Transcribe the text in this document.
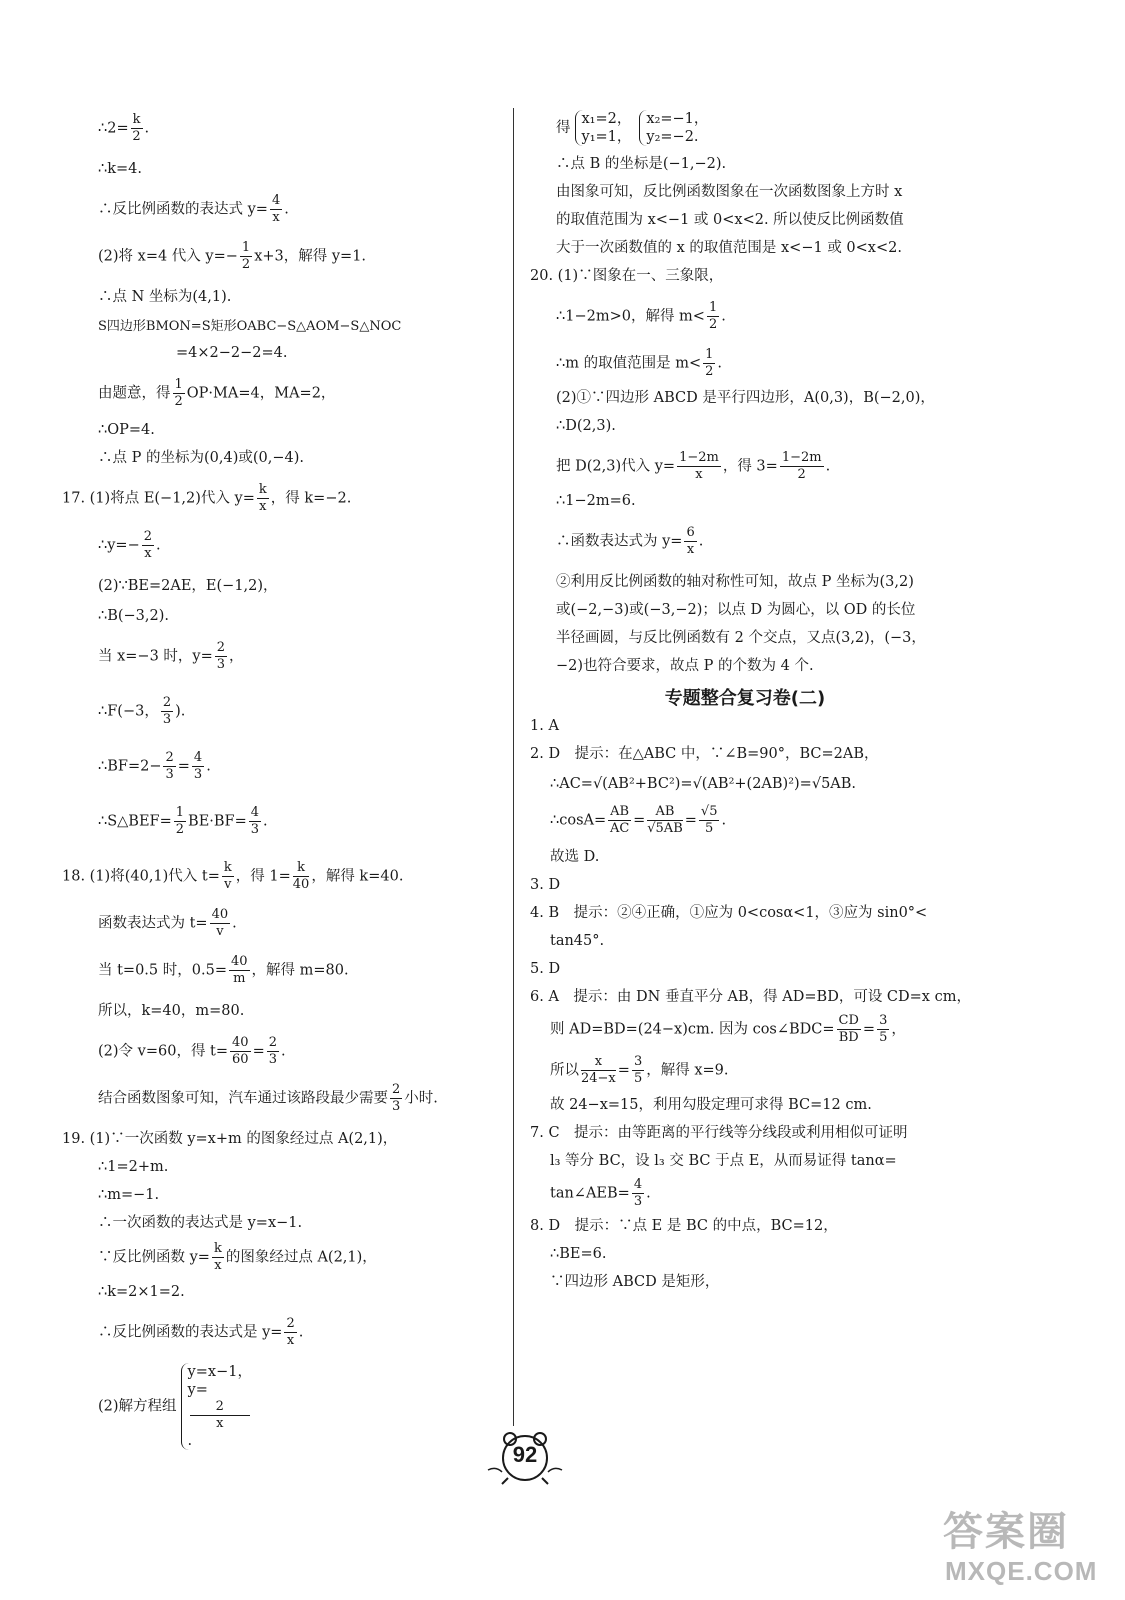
∴2= $\frac{k}{2}$ .
∴k=4.
∴反比例函数的表达式 $y= \frac{4}{x}$ .
(2)将 x=4 代入 $y=- \frac{1}{2} x+3$，解得 y=1.
∴点 N 坐标为(4,1).
S四边形BMON=S矩形OABC−S△AOM−S△NOC
=4×2−2−2=4.
由题意，得 $\frac{1}{2} OP\cdot MA=4$，MA=2，
∴OP=4.
∴点 P 的坐标为(0,4)或(0,−4).
17. (1)将点 E(−1,2)代入 $y= \frac{k}{x}$ ，得 k=−2.
∴y=− $\frac{2}{x}$ .
(2)∵BE=2AE，E(−1,2)，
∴B(−3,2).
当 x=−3 时，$y= \frac{2}{3}$ ，
∴F(−3， $\frac{2}{3}$ ).
∴BF=2− $\frac{2}{3} = \frac{4}{3}$ .
∴S△BEF= $\frac{1}{2} BE\cdot BF= \frac{4}{3}$ .
18. (1)将(40,1)代入 $t= \frac{k}{v}$ ，得 $1= \frac{k}{40}$ ，解得 k=40.
函数表达式为 $t= \frac{40}{v}$ .
当 t=0.5 时，$0.5= \frac{40}{m}$ ，解得 m=80.
所以，k=40，m=80.
(2)令 v=60，得 $t= \frac{40}{60} = \frac{2}{3}$ .
结合函数图象可知，汽车通过该路段最少需要 $\frac{2}{3}$ 小时.
19. (1)∵一次函数 y=x+m 的图象经过点 A(2,1)，
∴1=2+m.
∴m=−1.
∴一次函数的表达式是 y=x−1.
∵反比例函数 $y= \frac{k}{x}$ 的图象经过点 A(2,1)，
∴k=2×1=2.
∴反比例函数的表达式是 $y= \frac{2}{x}$ .
(2)解方程组
y=x−1，
y=
2
x
.
得
x₁=2，
y₁=1，
x₂=−1，
y₂=−2.
∴点 B 的坐标是(−1,−2).
由图象可知，反比例函数图象在一次函数图象上方时 x
的取值范围为 x<−1 或 0<x<2. 所以使反比例函数值
大于一次函数值的 x 的取值范围是 x<−1 或 0<x<2.
20. (1)∵图象在一、三象限，
∴1−2m>0，解得 $m< \frac{1}{2}$ .
∴m 的取值范围是 $m< \frac{1}{2}$ .
(2)①∵四边形 ABCD 是平行四边形，A(0,3)，B(−2,0)，
∴D(2,3).
把 D(2,3)代入 $y= \frac{1-2m}{x}$ ，得 $3= \frac{1-2m}{2}$ .
∴1−2m=6.
∴函数表达式为 $y= \frac{6}{x}$ .
②利用反比例函数的轴对称性可知，故点 P 坐标为(3,2)
或(−2,−3)或(−3,−2)；以点 D 为圆心，以 OD 的长位
半径画圆，与反比例函数有 2 个交点，又点(3,2)，(−3，
−2)也符合要求，故点 P 的个数为 4 个.
专题整合复习卷(二)
1. A
2. D　提示：在△ABC 中，∵∠B=90°，BC=2AB，
∴AC=√(AB²+BC²)=√(AB²+(2AB)²)=√5AB.
∴cosA= $\frac{AB}{AC} = \frac{AB}{√5AB} = \frac{√5}{5}$ .
故选 D.
3. D
4. B　提示：②④正确，①应为 0<cosα<1，③应为 sin0°<
tan45°.
5. D
6. A　提示：由 DN 垂直平分 AB，得 AD=BD，可设 CD=x cm，
则 AD=BD=(24−x)cm. 因为 cos∠BDC= $\frac{CD}{BD} = \frac{3}{5}$ ，
所以 $\frac{x}{24-x} = \frac{3}{5}$ ，解得 x=9.
故 24−x=15，利用勾股定理可求得 BC=12 cm.
7. C　提示：由等距离的平行线等分线段或利用相似可证明
l₃ 等分 BC，设 l₃ 交 BC 于点 E，从而易证得 tanα=
tan∠AEB= $\frac{4}{3}$ .
8. D　提示：∵点 E 是 BC 的中点，BC=12，
∴BE=6.
∵四边形 ABCD 是矩形，
92
答案圈
MXQE.COM
